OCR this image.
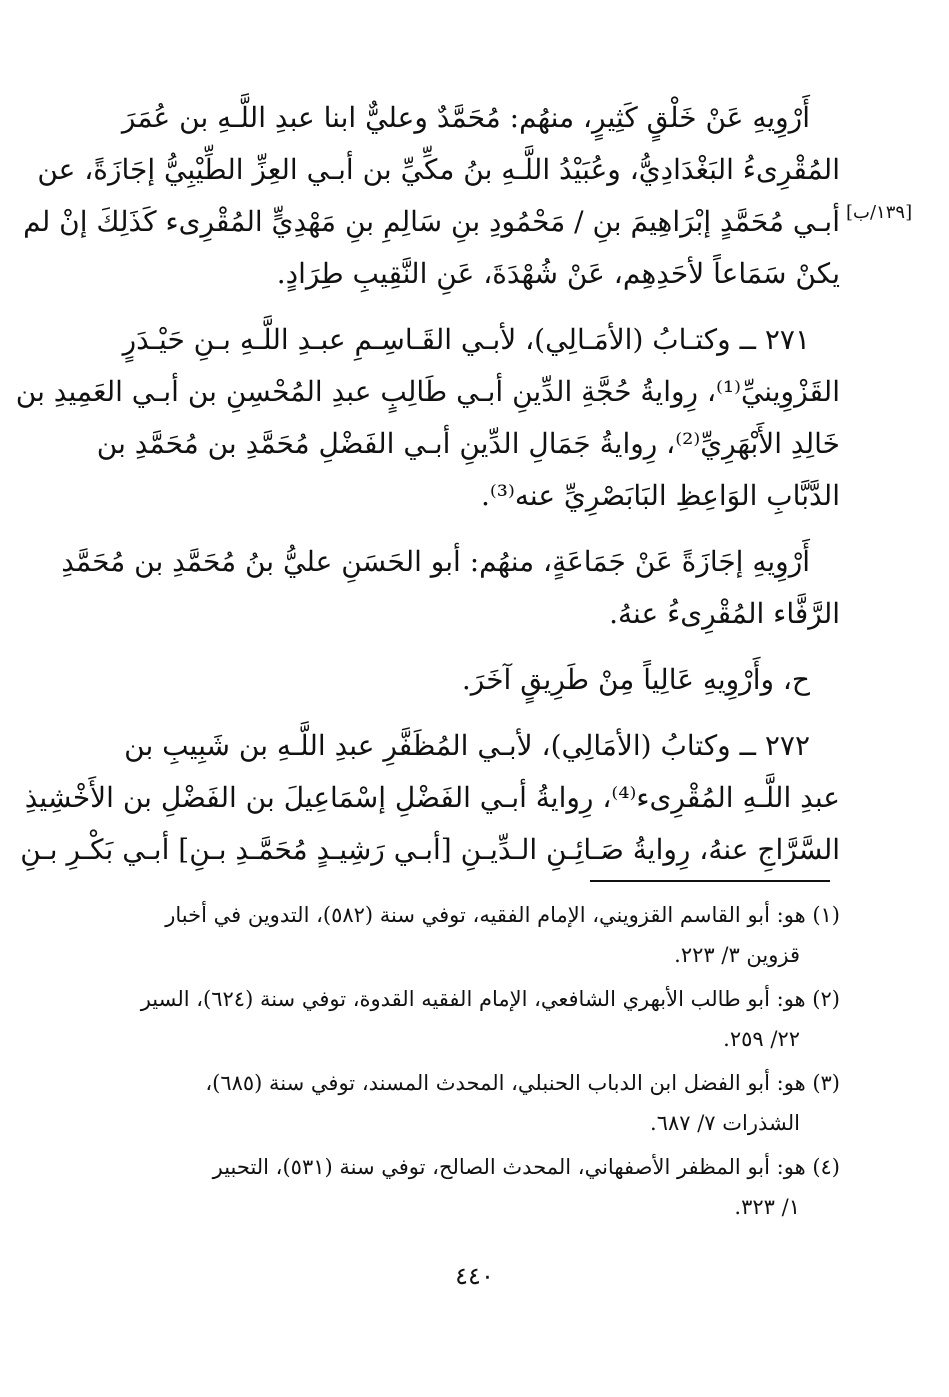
[١٣٩/ب]
أَرْوِيهِ عَنْ خَلْقٍ كَثِيرٍ، منهُم: مُحَمَّدٌ وعليٌّ ابنا عبدِ اللَّـهِ بن عُمَرَ
المُقْرِىءُ البَغْدَادِيُّ، وعُبَيْدُ اللَّـهِ بنُ مكِّيِّ بن أبـي العِزِّ الطِّيْبِيُّ إجَازَةً، عن
أبـي مُحَمَّدٍ إبْرَاهِيمَ بنِ / مَحْمُودِ بنِ سَالِمِ بنِ مَهْدِيٍّ المُقْرِىء كَذَلِكَ إنْ لم
يكنْ سَمَاعاً لأحَدِهِم، عَنْ شُهْدَةَ، عَنِ النَّقِيبِ طِرَادٍ.
٢٧١ ــ وكتـابُ (الأمَـالِي)، لأبـي القَـاسِـمِ عبـدِ اللَّـهِ بـنِ حَيْـدَرٍ
القَزْوِينيِّ⁽¹⁾، رِوايةُ حُجَّةِ الدِّينِ أبـي طَالِبٍ عبدِ المُحْسِنِ بن أبـي العَمِيدِ بن
خَالِدِ الأَبْهَرِيِّ⁽²⁾، رِوايةُ جَمَالِ الدِّينِ أبـي الفَضْلِ مُحَمَّدِ بن مُحَمَّدِ بن
الدَّبَّابِ الوَاعِظِ البَابَصْرِيِّ عنه⁽³⁾.
أَرْوِيهِ إجَازَةً عَنْ جَمَاعَةٍ، منهُم: أبو الحَسَنِ عليُّ بنُ مُحَمَّدِ بن مُحَمَّدِ
الرَّفَّاء المُقْرِىءُ عنهُ.
ح، وأَرْوِيهِ عَالِياً مِنْ طَرِيقٍ آخَرَ.
٢٧٢ ــ وكتابُ (الأمَالِي)، لأبـي المُظَفَّرِ عبدِ اللَّـهِ بن شَبِيبِ بن
عبدِ اللَّـهِ المُقْرِىء⁽⁴⁾، رِوايةُ أبـي الفَضْلِ إسْمَاعِيلَ بن الفَضْلِ بن الأَخْشِيذِ
السَّرَّاجِ عنهُ، رِوايةُ صَـائِـنِ الـدِّيـنِ [أبـي رَشِيـدٍ مُحَمَّـدِ بـنِ] أبـي بَكْـرِ بـنِ
(١) هو: أبو القاسم القزويني، الإمام الفقيه، توفي سنة (٥٨٢)، التدوين في أخبار
قزوين ٣/ ٢٢٣.
(٢) هو: أبو طالب الأبهري الشافعي، الإمام الفقيه القدوة، توفي سنة (٦٢٤)، السير
٢٢/ ٢٥٩.
(٣) هو: أبو الفضل ابن الدباب الحنبلي، المحدث المسند، توفي سنة (٦٨٥)،
الشذرات ٧/ ٦٨٧.
(٤) هو: أبو المظفر الأصفهاني، المحدث الصالح، توفي سنة (٥٣١)، التحبير
١/ ٣٢٣.
٤٤٠
